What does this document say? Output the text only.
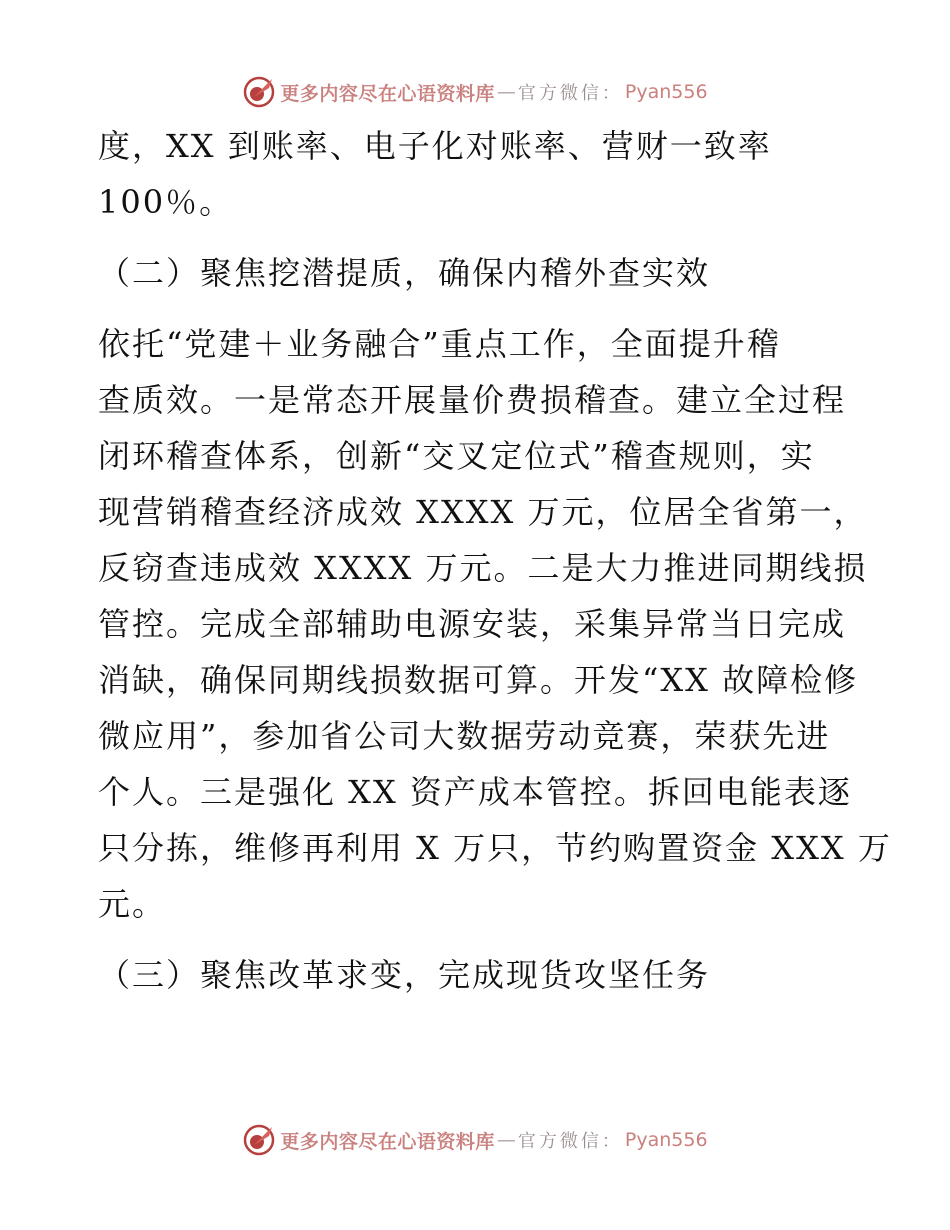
更多内容尽在心语资料库 — 官方微信： Pyan556
度，XX 到账率、电子化对账率、营财一致率
100％。
（二）聚焦挖潜提质，确保内稽外查实效
依托“党建＋业务融合”重点工作，全面提升稽
查质效。一是常态开展量价费损稽查。建立全过程
闭环稽查体系，创新“交叉定位式”稽查规则，实
现营销稽查经济成效 XXXX 万元，位居全省第一，
反窃查违成效 XXXX 万元。二是大力推进同期线损
管控。完成全部辅助电源安装，采集异常当日完成
消缺，确保同期线损数据可算。开发“XX 故障检修
微应用”，参加省公司大数据劳动竞赛，荣获先进
个人。三是强化 XX 资产成本管控。拆回电能表逐
只分拣，维修再利用 X 万只，节约购置资金 XXX 万
元。
（三）聚焦改革求变，完成现货攻坚任务
更多内容尽在心语资料库 — 官方微信： Pyan556
